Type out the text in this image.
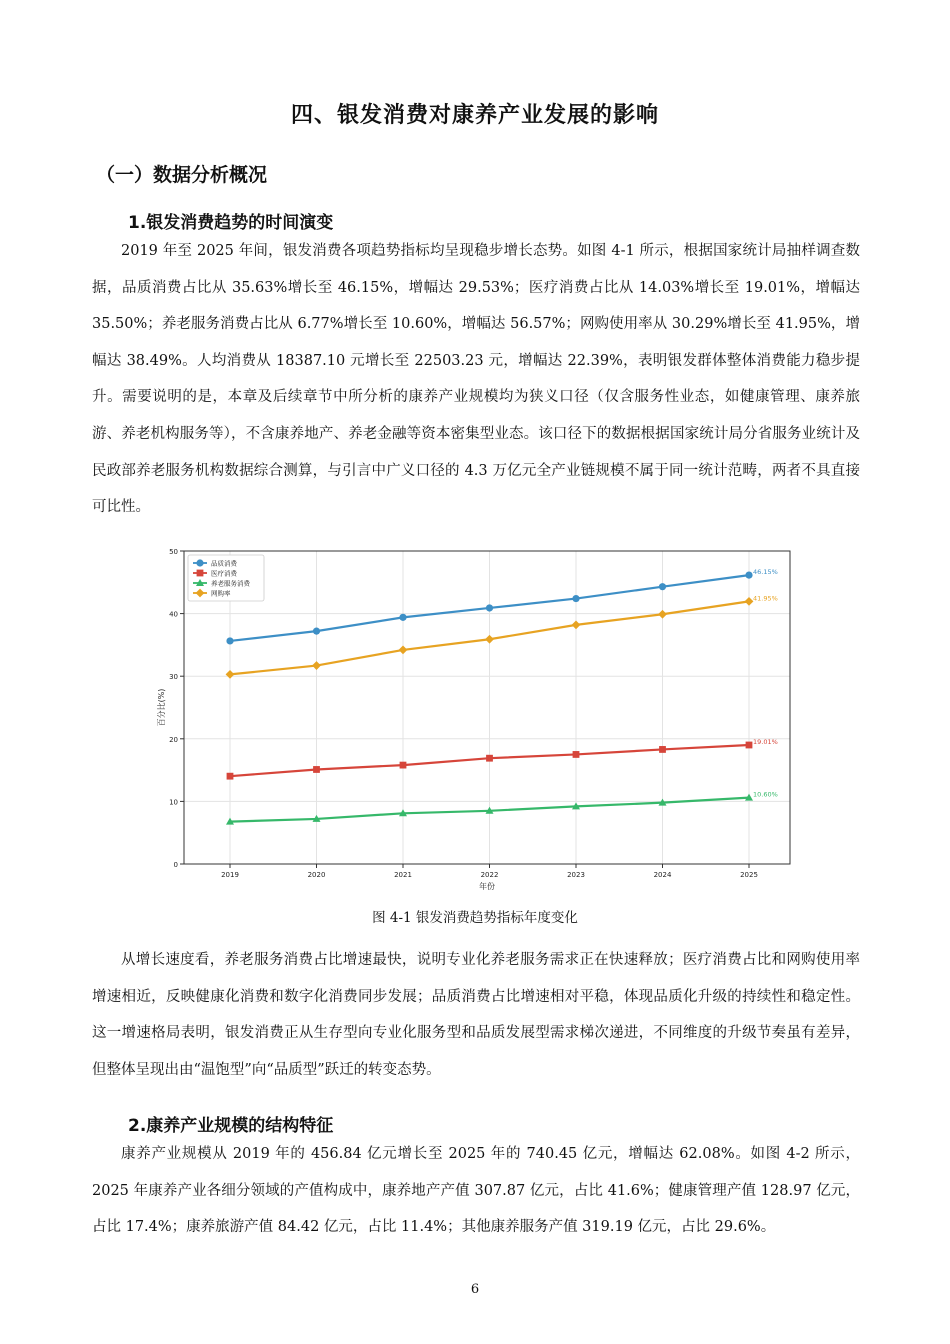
四、银发消费对康养产业发展的影响
（一）数据分析概况
1.银发消费趋势的时间演变

2019 年至 2025 年间，银发消费各项趋势指标均呈现稳步增长态势。如图 4-1 所示，根据国家统计局抽样调查数据，品质消费占比从 35.63%增长至 46.15%，增幅达 29.53%；医疗消费占比从 14.03%增长至 19.01%，增幅达 35.50%；养老服务消费占比从 6.77%增长至 10.60%，增幅达 56.57%；网购使用率从 30.29%增长至 41.95%，增幅达 38.49%。人均消费从 18387.10 元增长至 22503.23 元，增幅达 22.39%，表明银发群体整体消费能力稳步提升。需要说明的是，本章及后续章节中所分析的康养产业规模均为狭义口径（仅含服务性业态，如健康管理、康养旅游、养老机构服务等），不含康养地产、养老金融等资本密集型业态。该口径下的数据根据国家统计局分省服务业统计及民政部养老服务机构数据综合测算，与引言中广义口径的 4.3 万亿元全产业链规模不属于同一统计范畴，两者不具直接可比性。

0
10
20
30
40
50
2019	2020	2021	2022	2023	2024	2025
年份
百分比(%)
46.15%
19.01%
10.60%
41.95%
品质消费
医疗消费
养老服务消费
网购率
图 4-1 银发消费趋势指标年度变化

从增长速度看，养老服务消费占比增速最快，说明专业化养老服务需求正在快速释放；医疗消费占比和网购使用率增速相近，反映健康化消费和数字化消费同步发展；品质消费占比增速相对平稳，体现品质化升级的持续性和稳定性。这一增速格局表明，银发消费正从生存型向专业化服务型和品质发展型需求梯次递进，不同维度的升级节奏虽有差异，但整体呈现出由“温饱型”向“品质型”跃迁的转变态势。

2.康养产业规模的结构特征

康养产业规模从 2019 年的 456.84 亿元增长至 2025 年的 740.45 亿元，增幅达 62.08%。如图 4-2 所示，2025 年康养产业各细分领域的产值构成中，康养地产产值 307.87 亿元，占比 41.6%；健康管理产值 128.97 亿元，占比 17.4%；康养旅游产值 84.42 亿元，占比 11.4%；其他康养服务产值 319.19 亿元，占比 29.6%。

6
